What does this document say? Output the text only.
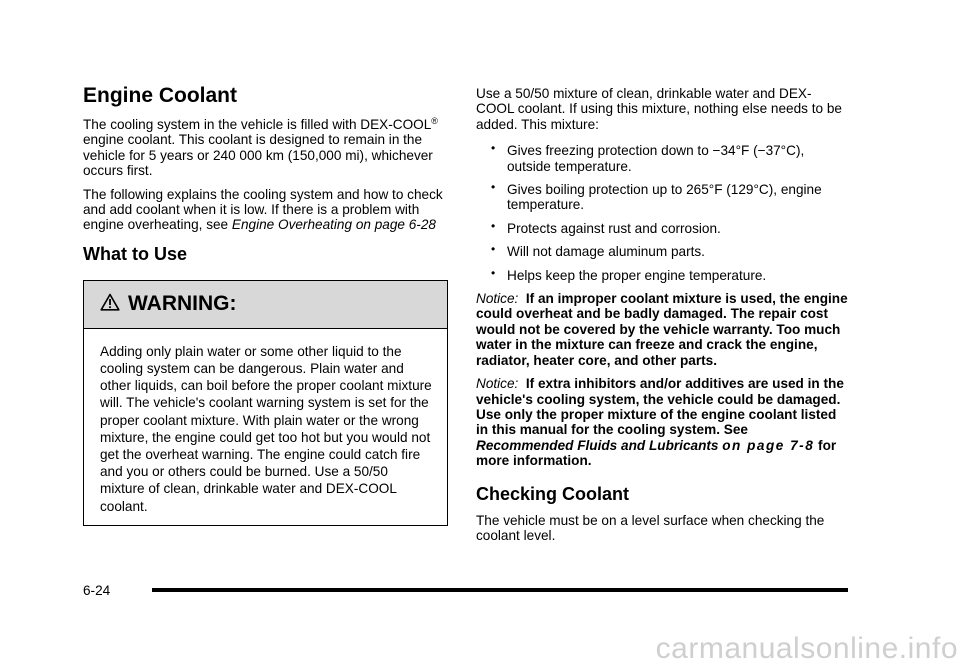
Engine Coolant

The cooling system in the vehicle is filled with DEX-COOL® engine coolant. This coolant is designed to remain in the vehicle for 5 years or 240 000 km (150,000 mi), whichever occurs first.

The following explains the cooling system and how to check and add coolant when it is low. If there is a problem with engine overheating, see Engine Overheating on page 6-28

What to Use
WARNING:

Adding only plain water or some other liquid to the cooling system can be dangerous. Plain water and other liquids, can boil before the proper coolant mixture will. The vehicle's coolant warning system is set for the proper coolant mixture. With plain water or the wrong mixture, the engine could get too hot but you would not get the overheat warning. The engine could catch fire and you or others could be burned. Use a 50/50 mixture of clean, drinkable water and DEX-COOL coolant.

Use a 50/50 mixture of clean, drinkable water and DEX-COOL coolant. If using this mixture, nothing else needs to be added. This mixture:

• Gives freezing protection down to −34°F (−37°C), outside temperature.
• Gives boiling protection up to 265°F (129°C), engine temperature.
• Protects against rust and corrosion.
• Will not damage aluminum parts.
• Helps keep the proper engine temperature.

Notice: If an improper coolant mixture is used, the engine could overheat and be badly damaged. The repair cost would not be covered by the vehicle warranty. Too much water in the mixture can freeze and crack the engine, radiator, heater core, and other parts.

Notice: If extra inhibitors and/or additives are used in the vehicle's cooling system, the vehicle could be damaged. Use only the proper mixture of the engine coolant listed in this manual for the cooling system. See Recommended Fluids and Lubricants on page 7-8 for more information.

Checking Coolant

The vehicle must be on a level surface when checking the coolant level.

6-24
carmanualsonline.info
